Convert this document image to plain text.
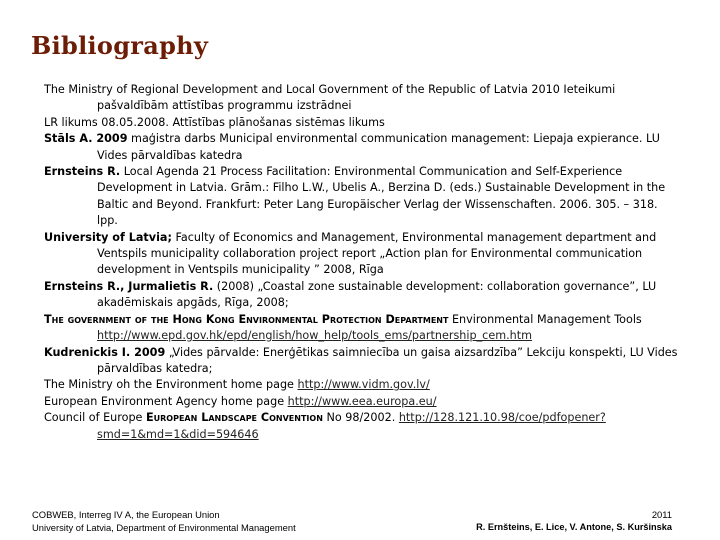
Bibliography
The Ministry of Regional Development and Local Government of the Republic of Latvia 2010 Ieteikumi pašvaldībām attīstības programmu izstrādnei
LR likums 08.05.2008. Attīstības plānošanas sistēmas likums
Stāls A. 2009 maģistra darbs Municipal environmental communication management: Liepaja expierance. LU Vides pārvaldības katedra
Ernsteins R. Local Agenda 21 Process Facilitation: Environmental Communication and Self-Experience Development in Latvia. Grām.: Filho L.W., Ubelis A., Berzina D. (eds.) Sustainable Development in the Baltic and Beyond. Frankfurt: Peter Lang Europäischer Verlag der Wissenschaften. 2006. 305. – 318. lpp.
University of Latvia; Faculty of Economics and Management, Environmental management department and Ventspils municipality collaboration project report „Action plan for Environmental communication development in Ventspils municipality ” 2008, Rīga
Ernsteins R., Jurmalietis R. (2008) „Coastal zone sustainable development: collaboration governance”, LU akadēmiskais apgāds, Rīga, 2008;
The government of the Hong Kong Environmental Protection Department Environmental Management Tools http://www.epd.gov.hk/epd/english/how_help/tools_ems/partnership_cem.htm
Kudrenickis I. 2009 „Vides pārvalde: Enerģētikas saimniecība un gaisa aizsardzība” Lekciju konspekti, LU Vides pārvaldības katedra;
The Ministry oh the Environment home page http://www.vidm.gov.lv/
European Environment Agency home page http://www.eea.europa.eu/
Council of Europe European Landscape Convention No 98/2002. http://128.121.10.98/coe/pdfopener?smd=1&md=1&did=594646
COBWEB, Interreg IV A, the European Union
University of Latvia, Department of Environmental Management
2011
R. Ernšteins, E. Lice, V. Antone, S. Kuršinska
